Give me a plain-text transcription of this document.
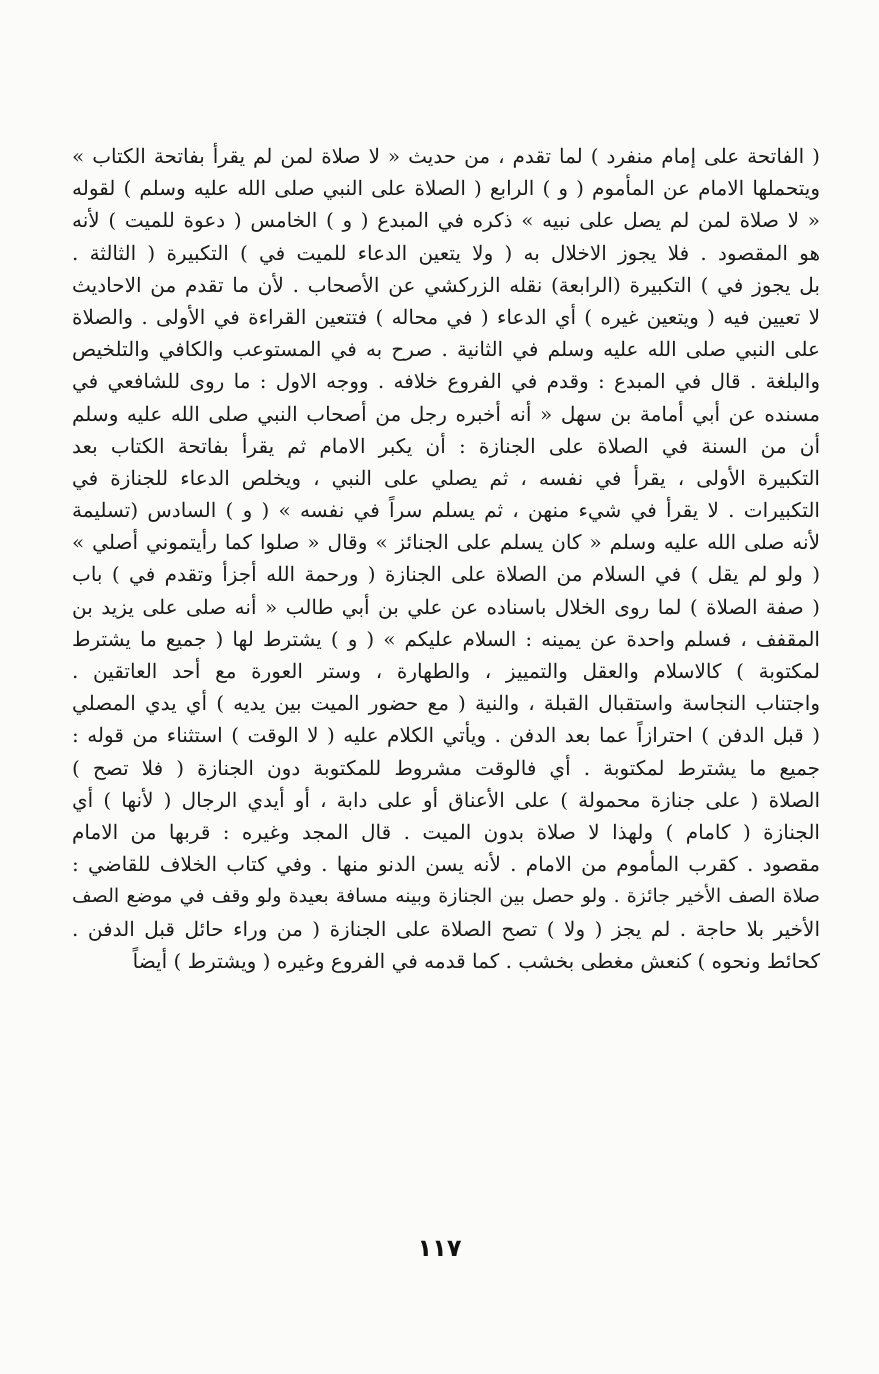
( الفاتحة على إمام منفرد ) لما تقدم ، من حديث « لا صلاة لمن لم يقرأ بفاتحة الكتاب »
ويتحملها الامام عن المأموم ( و ) الرابع ( الصلاة على النبي صلى الله عليه وسلم ) لقوله
« لا صلاة لمن لم يصل على نبيه » ذكره في المبدع ( و ) الخامس ( دعوة للميت ) لأنه
هو المقصود . فلا يجوز الاخلال به ( ولا يتعين الدعاء للميت في ) التكبيرة ( الثالثة .
بل يجوز في ) التكبيرة (الرابعة) نقله الزركشي عن الأصحاب . لأن ما تقدم من الاحاديث
لا تعيين فيه ( ويتعين غيره ) أي الدعاء ( في محاله ) فتتعين القراءة في الأولى . والصلاة
على النبي صلى الله عليه وسلم في الثانية . صرح به في المستوعب والكافي والتلخيص
والبلغة . قال في المبدع : وقدم في الفروع خلافه . ووجه الاول : ما روى للشافعي في
مسنده عن أبي أمامة بن سهل « أنه أخبره رجل من أصحاب النبي صلى الله عليه وسلم
أن من السنة في الصلاة على الجنازة : أن يكبر الامام ثم يقرأ بفاتحة الكتاب بعد
التكبيرة الأولى ، يقرأ في نفسه ، ثم يصلي على النبي ، ويخلص الدعاء للجنازة في
التكبيرات . لا يقرأ في شيء منهن ، ثم يسلم سراً في نفسه » ( و ) السادس (تسليمة
لأنه صلى الله عليه وسلم « كان يسلم على الجنائز » وقال « صلوا كما رأيتموني أصلي »
( ولو لم يقل ) في السلام من الصلاة على الجنازة ( ورحمة الله أجزأ وتقدم في ) باب
( صفة الصلاة ) لما روى الخلال باسناده عن علي بن أبي طالب « أنه صلى على يزيد بن
المقفف ، فسلم واحدة عن يمينه : السلام عليكم » ( و ) يشترط لها ( جميع ما يشترط
لمكتوبة ) كالاسلام والعقل والتمييز ، والطهارة ، وستر العورة مع أحد العاتقين .
واجتناب النجاسة واستقبال القبلة ، والنية ( مع حضور الميت بين يديه ) أي يدي المصلي
( قبل الدفن ) احترازاً عما بعد الدفن . ويأتي الكلام عليه ( لا الوقت ) استثناء من قوله :
جميع ما يشترط لمكتوبة . أي فالوقت مشروط للمكتوبة دون الجنازة ( فلا تصح )
الصلاة ( على جنازة محمولة ) على الأعناق أو على دابة ، أو أيدي الرجال ( لأنها ) أي
الجنازة ( كامام ) ولهذا لا صلاة بدون الميت . قال المجد وغيره : قربها من الامام
مقصود . كقرب المأموم من الامام . لأنه يسن الدنو منها . وفي كتاب الخلاف للقاضي :
صلاة الصف الأخير جائزة . ولو حصل بين الجنازة وبينه مسافة بعيدة ولو وقف في موضع الصف
الأخير بلا حاجة . لم يجز ( ولا ) تصح الصلاة على الجنازة ( من وراء حائل قبل الدفن .
كحائط ونحوه ) كنعش مغطى بخشب . كما قدمه في الفروع وغيره ( ويشترط ) أيضاً
١١٧
